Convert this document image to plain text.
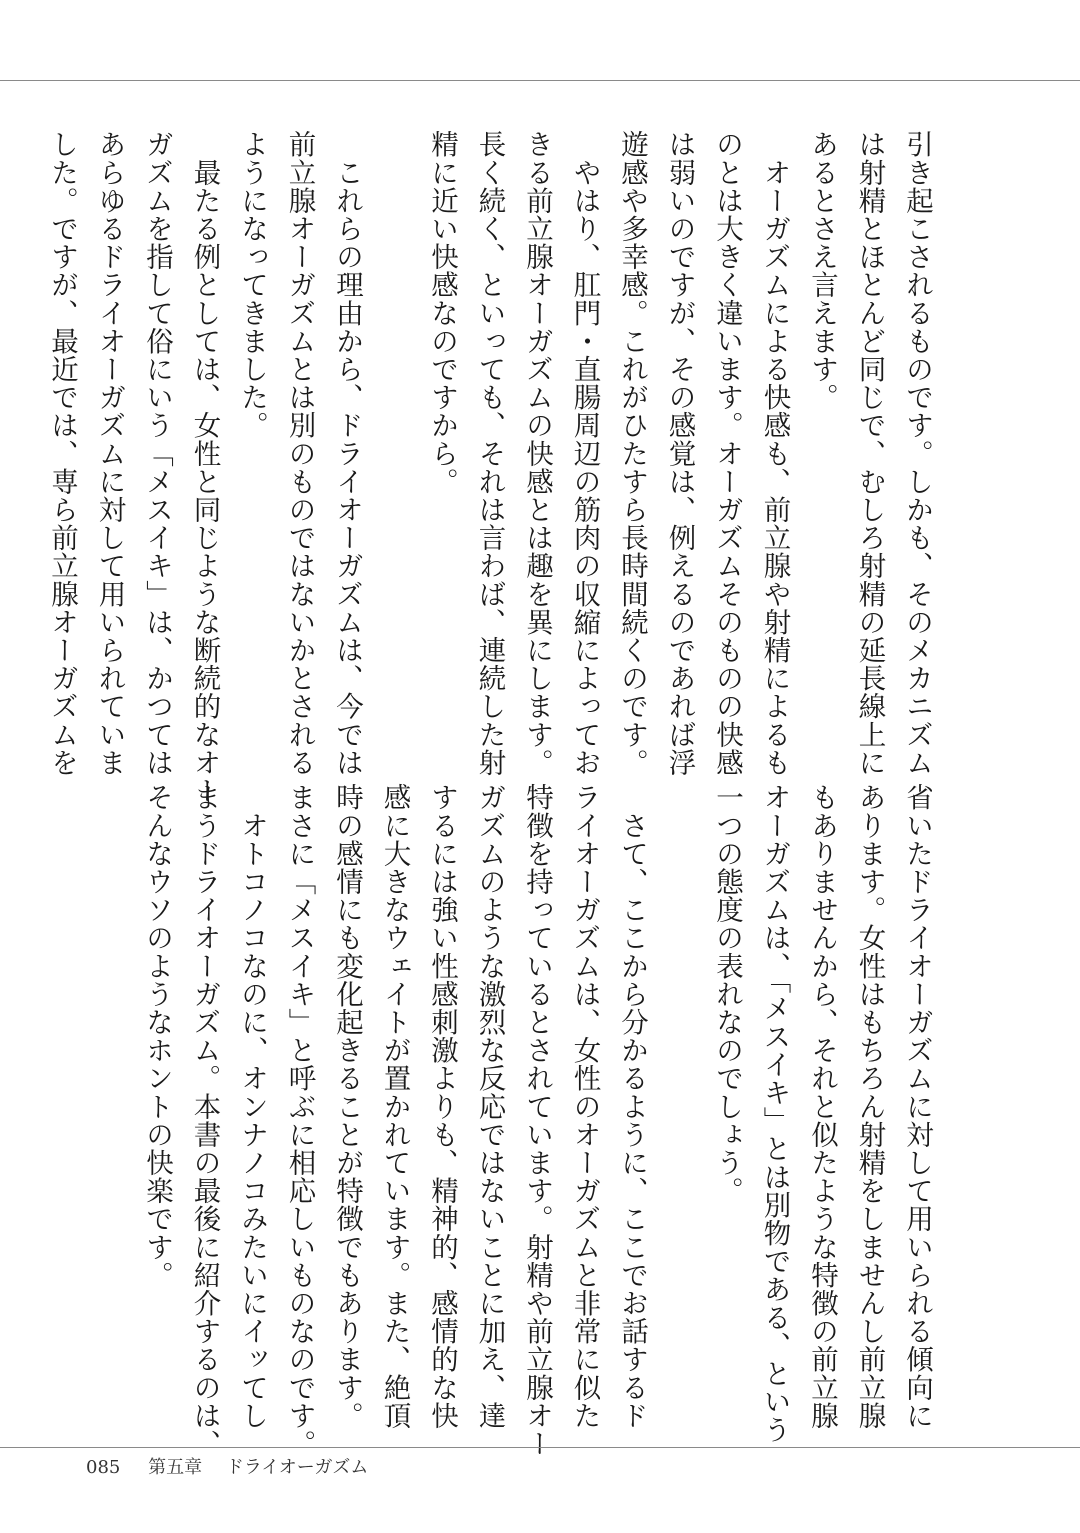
引き起こされるものです。しかも、そのメカニズム
は射精とほとんど同じで、むしろ射精の延長線上に
あるとさえ言えます。
　オーガズムによる快感も、前立腺や射精によるも
のとは大きく違います。オーガズムそのものの快感
は弱いのですが、その感覚は、例えるのであれば浮
遊感や多幸感。これがひたすら長時間続くのです。
　やはり、肛門・直腸周辺の筋肉の収縮によってお
きる前立腺オーガズムの快感とは趣を異にします。
長く続く、といっても、それは言わば、連続した射
精に近い快感なのですから。
　これらの理由から、ドライオーガズムは、今では
前立腺オーガズムとは別のものではないかとされる
ようになってきました。
　最たる例としては、女性と同じような断続的なオー
ガズムを指して俗にいう「メスイキ」は、かつては
あらゆるドライオーガズムに対して用いられていま
した。ですが、最近では、専ら前立腺オーガズムを
省いたドライオーガズムに対して用いられる傾向に
あります。女性はもちろん射精をしませんし前立腺
もありませんから、それと似たような特徴の前立腺
オーガズムは、「メスイキ」とは別物である、という
一つの態度の表れなのでしょう。
　さて、ここから分かるように、ここでお話するド
ライオーガズムは、女性のオーガズムと非常に似た
特徴を持っているとされています。射精や前立腺オー
ガズムのような激烈な反応ではないことに加え、達
するには強い性感刺激よりも、精神的、感情的な快
感に大きなウェイトが置かれています。また、絶頂
時の感情にも変化起きることが特徴でもあります。
まさに「メスイキ」と呼ぶに相応しいものなのです。
　オトコノコなのに、オンナノコみたいにイッてし
まうドライオーガズム。本書の最後に紹介するのは、
そんなウソのようなホントの快楽です。
085 第五章 ドライオーガズム
